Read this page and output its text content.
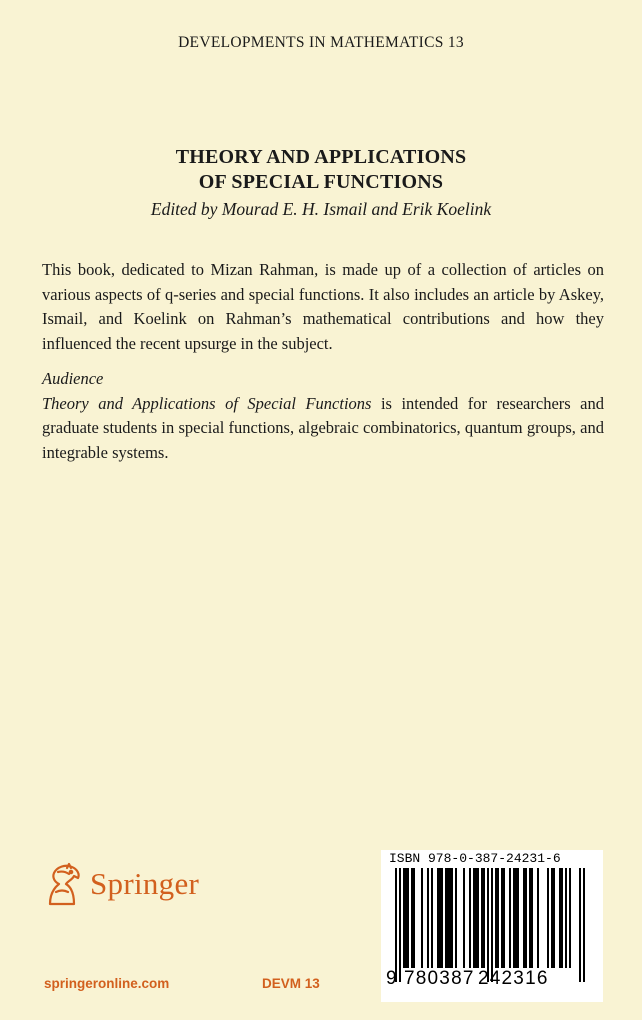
DEVELOPMENTS IN MATHEMATICS 13
THEORY AND APPLICATIONS
OF SPECIAL FUNCTIONS
Edited by Mourad E. H. Ismail and Erik Koelink
This book, dedicated to Mizan Rahman, is made up of a collection of articles on various aspects of q-series and special functions. It also includes an article by Askey, Ismail, and Koelink on Rahman’s mathematical contributions and how they influenced the recent upsurge in the subject.
Audience
Theory and Applications of Special Functions is intended for researchers and graduate students in special functions, algebraic combinatorics, quantum groups, and integrable systems.
Springer
springeronline.com	DEVM 13
ISBN 978-0-387-24231-6
9 780387 242316
